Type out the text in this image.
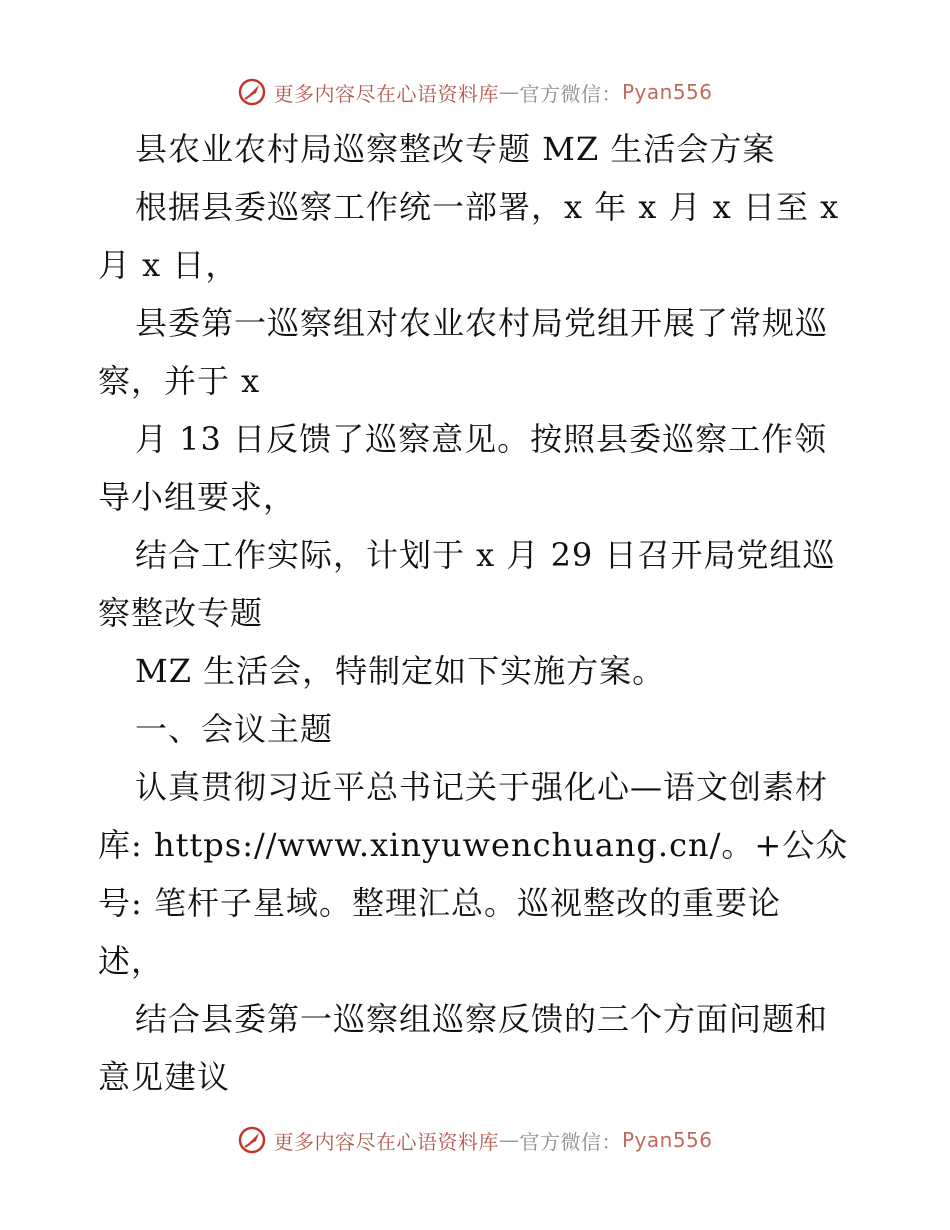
更多内容尽在心语资料库 — 官方微信： Pyan556
县农业农村局巡察整改专题 MZ 生活会方案
根据县委巡察工作统一部署，x 年 x 月 x 日至 x
月 x 日，
县委第一巡察组对农业农村局党组开展了常规巡
察，并于 x
月 13 日反馈了巡察意见。按照县委巡察工作领
导小组要求，
结合工作实际，计划于 x 月 29 日召开局党组巡
察整改专题
MZ 生活会，特制定如下实施方案。
一、会议主题
认真贯彻习近平总书记关于强化心—语文创素材
库: https://www.xinyuwenchuang.cn/。+公众
号: 笔杆子星域。整理汇总。巡视整改的重要论
述，
结合县委第一巡察组巡察反馈的三个方面问题和
意见建议
更多内容尽在心语资料库 — 官方微信： Pyan556
